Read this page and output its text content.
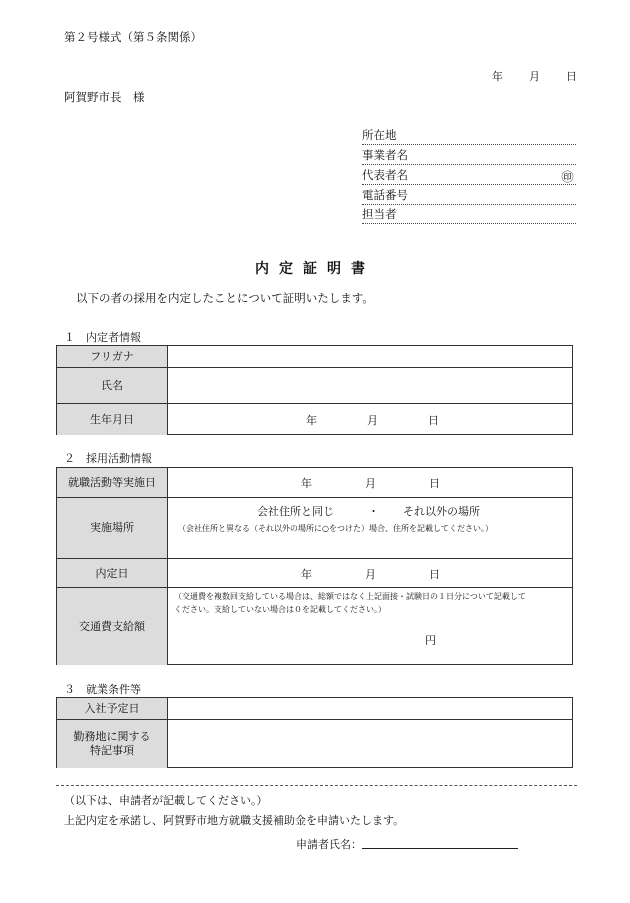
第２号様式（第５条関係）
年 月 日
阿賀野市長　様
所在地
事業者名
代表者名	㊞
電話番号
担当者
内定証明書
以下の者の採用を内定したことについて証明いたします。
１　内定者情報
フリガナ
氏名
生年月日	年	月	日
２　採用活動情報
就職活動等実施日	年	月	日
実施場所
会社住所と同じ	・ それ以外の場所
（会社住所と異なる（それ以外の場所に○をつけた）場合、住所を記載してください。）
内定日	年	月	日
交通費支給額
（交通費を複数回支給している場合は、総額ではなく上記面接・試験日の１日分について記載して
ください。支給していない場合は０を記載してください。）
円
３　就業条件等
入社予定日
勤務地に関する
特記事項
（以下は、申請者が記載してください。）
上記内定を承諾し、阿賀野市地方就職支援補助金を申請いたします。
申請者氏名：
